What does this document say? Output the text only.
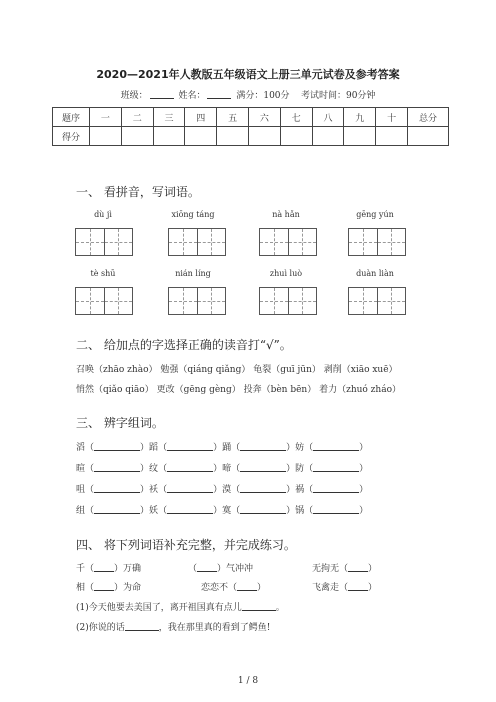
2020—2021年人教版五年级语文上册三单元试卷及参考答案
班级：	姓名：	满分：100分 考试时间：90分钟
题序	一	二	三	四	五	六	七	八	九	十	总分
得分											
一、 看拼音，写词语。
dù jì	xiōng táng	nà hǎn	gēng yún
tè shū	nián líng	zhuì luò	duàn liàn
二、 给加点的字选择正确的读音打“√”。
召唤（zhāo zhào） 勉强（qiáng qiǎng） 龟裂（guī jūn） 剥削（xiāo xuē）
悄然（qiǎo qiāo） 更改（gēng gèng） 投奔（bèn bēn） 着力（zhuó zháo）
三、 辨字组词。
滔（	）蹈（	）踊（	）妨（	）
暄（	）纹（	）啼（	）防（	）
咀（	）袄（	）漠（	）祸（	）
组（	）妖（	）寞（	）锅（	）
四、 将下列词语补充完整，并完成练习。
千（ ）万确	（ ）气冲冲	无拘无（ ）
相（ ）为命	恋恋不（ ）	飞禽走（ ）
(1)今天他要去美国了，离开祖国真有点儿	。
(2)你说的话	，我在那里真的看到了鳄鱼!
1 / 8
